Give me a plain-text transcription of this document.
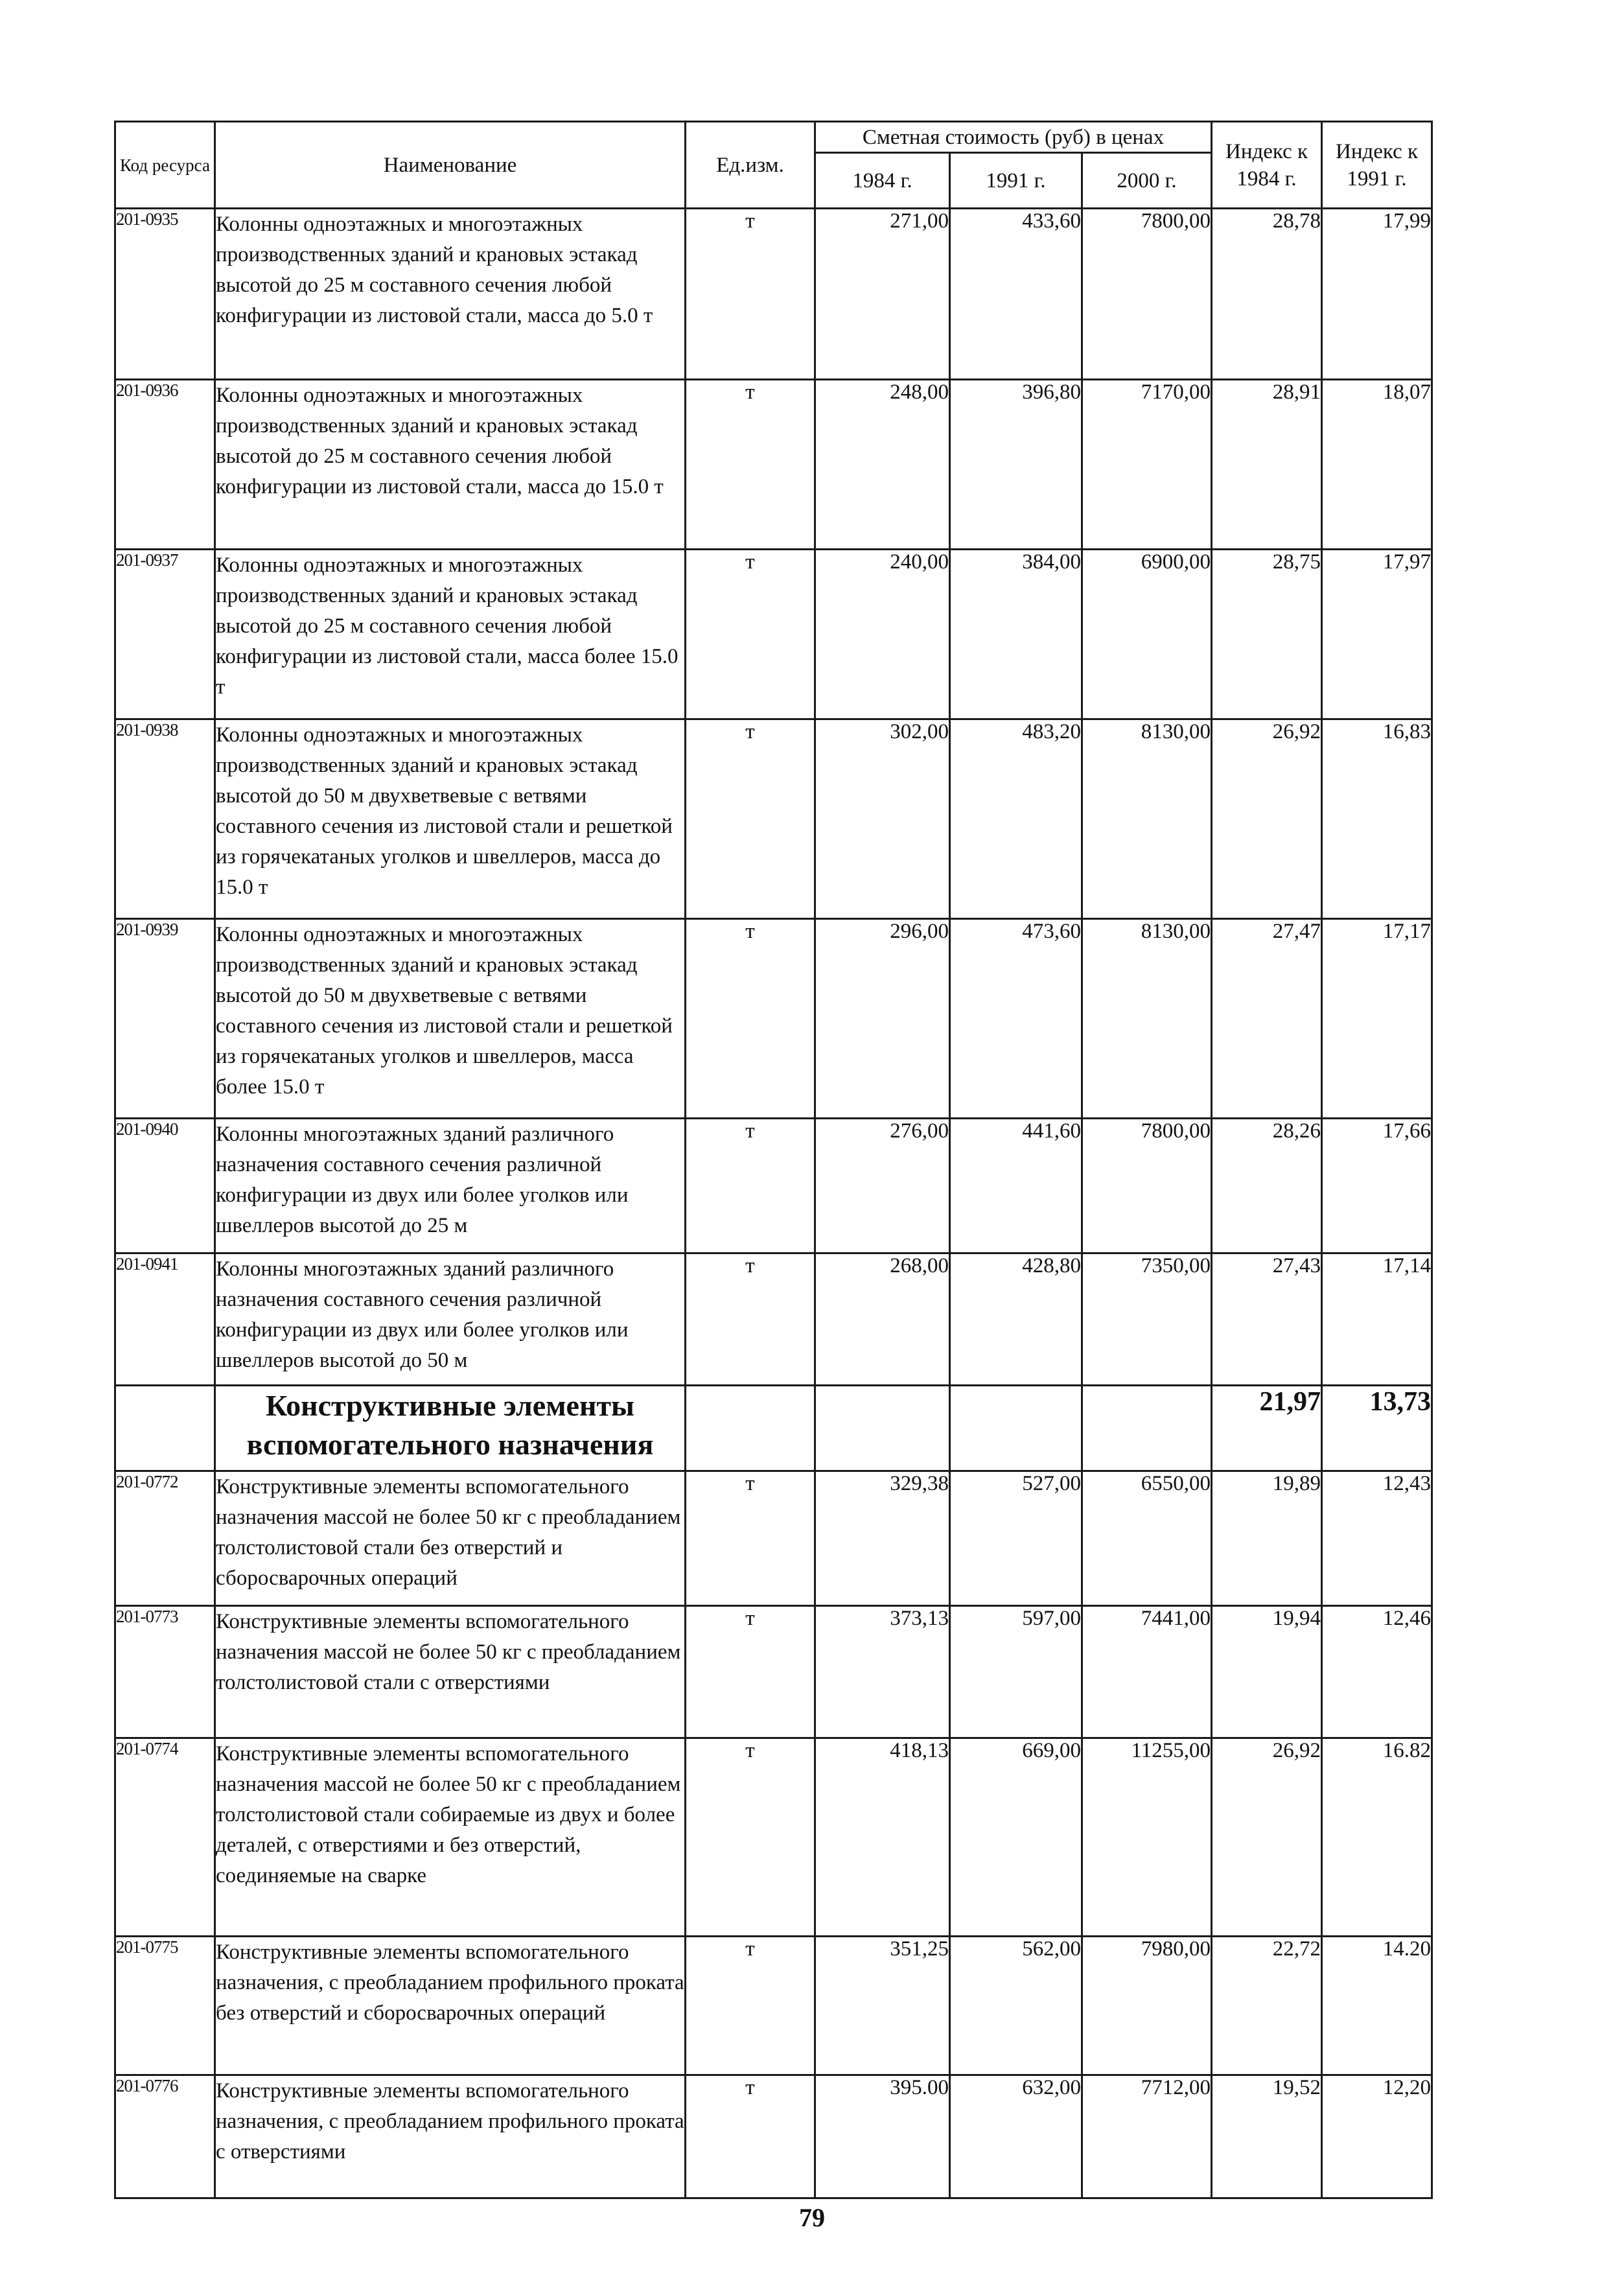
Код ресурса	Наименование	Ед.изм.	Сметная стоимость (руб) в ценах			Индекс к 1984 г.	Индекс к 1991 г.
			1984 г.	1991 г.	2000 г.		
201-0935	Колонны одноэтажных и многоэтажных производственных зданий и крановых эстакад высотой до 25 м составного сечения любой конфигурации из листовой стали, масса до 5.0 т	т	271,00	433,60	7800,00	28,78	17,99
201-0936	Колонны одноэтажных и многоэтажных производственных зданий и крановых эстакад высотой до 25 м составного сечения любой конфигурации из листовой стали, масса до 15.0 т	т	248,00	396,80	7170,00	28,91	18,07
201-0937	Колонны одноэтажных и многоэтажных производственных зданий и крановых эстакад высотой до 25 м составного сечения любой конфигурации из листовой стали, масса более 15.0 т	т	240,00	384,00	6900,00	28,75	17,97
201-0938	Колонны одноэтажных и многоэтажных производственных зданий и крановых эстакад высотой до 50 м двухветвевые с ветвями составного сечения из листовой стали и решеткой из горячекатаных уголков и швеллеров, масса до 15.0 т	т	302,00	483,20	8130,00	26,92	16,83
201-0939	Колонны одноэтажных и многоэтажных производственных зданий и крановых эстакад высотой до 50 м двухветвевые с ветвями составного сечения из листовой стали и решеткой из горячекатаных уголков и швеллеров, масса более 15.0 т	т	296,00	473,60	8130,00	27,47	17,17
201-0940	Колонны многоэтажных зданий различного назначения составного сечения различной конфигурации из двух или более уголков или швеллеров высотой до 25 м	т	276,00	441,60	7800,00	28,26	17,66
201-0941	Колонны многоэтажных зданий различного назначения составного сечения различной конфигурации из двух или более уголков или швеллеров высотой до 50 м	т	268,00	428,80	7350,00	27,43	17,14
	Конструктивные элементы вспомогательного назначения					21,97	13,73
201-0772	Конструктивные элементы вспомогательного назначения массой не более 50 кг с преобладанием толстолистовой стали без отверстий и сборосварочных операций	т	329,38	527,00	6550,00	19,89	12,43
201-0773	Конструктивные элементы вспомогательного назначения массой не более 50 кг с преобладанием толстолистовой стали с отверстиями	т	373,13	597,00	7441,00	19,94	12,46
201-0774	Конструктивные элементы вспомогательного назначения массой не более 50 кг с преобладанием толстолистовой стали собираемые из двух и более деталей, с отверстиями и без отверстий, соединяемые на сварке	т	418,13	669,00	11255,00	26,92	16.82
201-0775	Конструктивные элементы вспомогательного назначения, с преобладанием профильного проката без отверстий и сборосварочных операций	т	351,25	562,00	7980,00	22,72	14.20
201-0776	Конструктивные элементы вспомогательного назначения, с преобладанием профильного проката с отверстиями	т	395.00	632,00	7712,00	19,52	12,20
79
